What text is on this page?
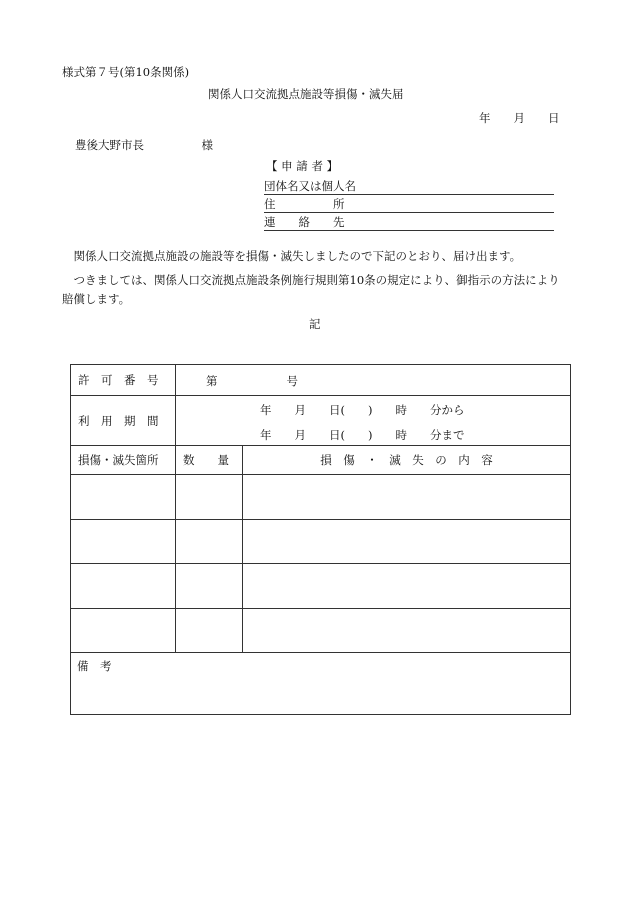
様式第７号(第10条関係)
関係人口交流拠点施設等損傷・滅失届
年　　月　　日
豊後大野市長　　　　　様
【 申 請 者 】
団体名又は個人名
住　　　　　所
連　　絡　　先
　関係人口交流拠点施設の施設等を損傷・滅失しましたので下記のとおり、届け出ます。
　つきましては、関係人口交流拠点施設条例施行規則第10条の規定により、御指示の方法により賠償します。
記
許　可　番　号	第　　　　　　号	

利　用　期　間	年　　月　　日(　　)　　時　　分から
年　　月　　日(　　)　　時　　分まで	

損傷・滅失箇所	数　　量	損　傷　・　滅　失　の　内　容

備　考		
